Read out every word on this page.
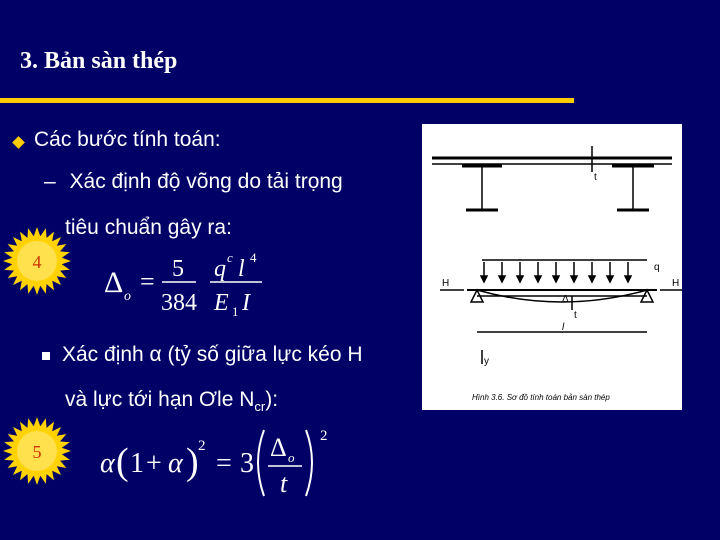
3. Bản sàn thép
Các bước tính toán:
– Xác định độ võng do tải trọng
tiêu chuẩn gây ra:
4
Δ o
= 5
384
q c l 4
E 1 I
Xác định α (tỷ số giữa lực kéo H
và lực tới hạn Ơle $N_{cr}$):
5 α ( 1 + α ) 2
= 3
Δ o
t
2
t
q
H	H
Δ
t
l
y
Hình 3.6. Sơ đồ tính toán bản sàn thép
